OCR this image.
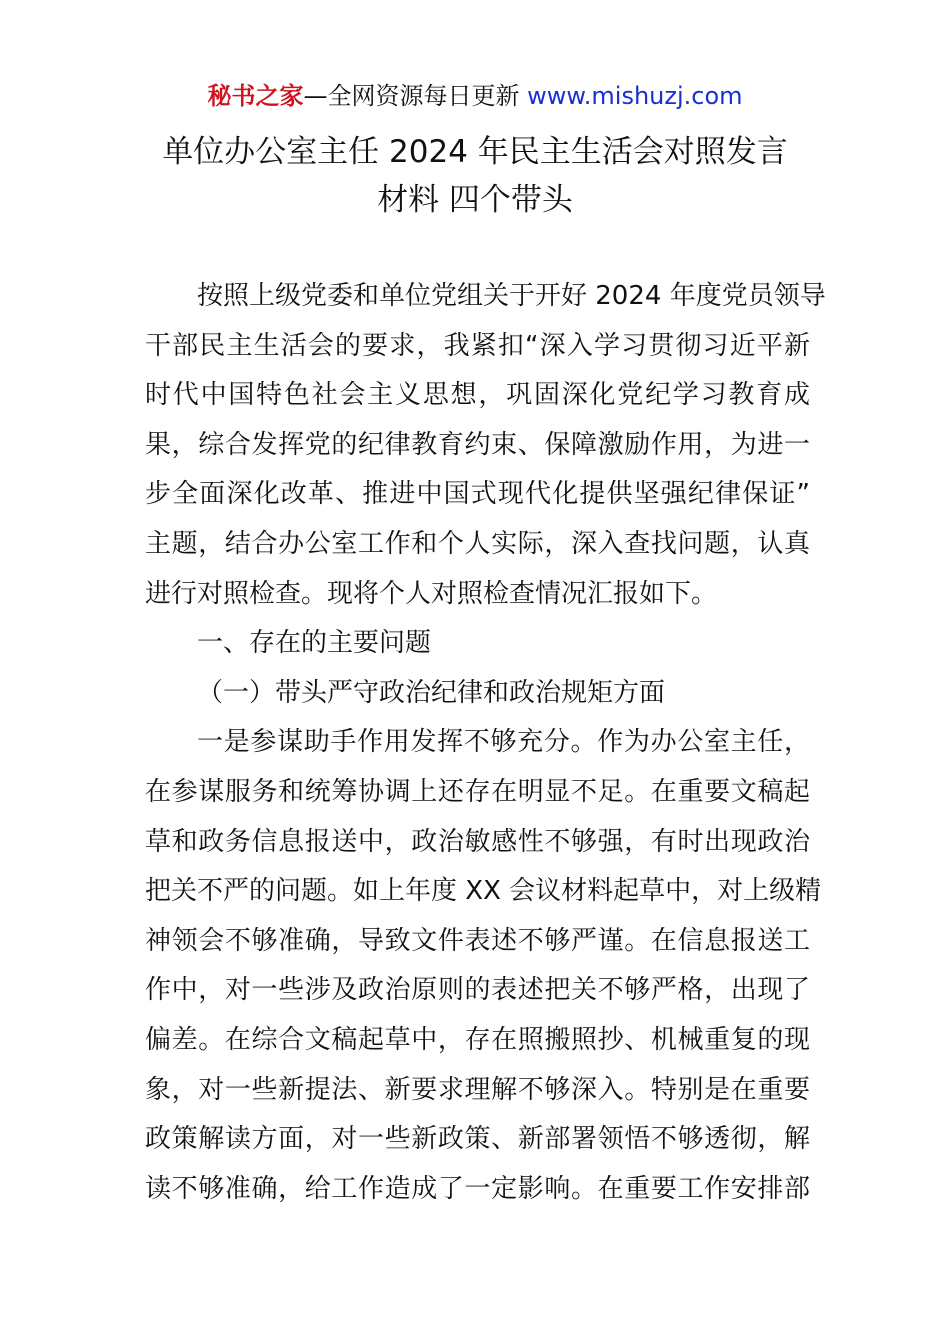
秘书之家—全网资源每日更新 www.mishuzj.com
单位办公室主任 2024 年民主生活会对照发言
材料 四个带头
按照上级党委和单位党组关于开好 2024 年度党员领导
干部民主生活会的要求，我紧扣“深入学习贯彻习近平新
时代中国特色社会主义思想，巩固深化党纪学习教育成
果，综合发挥党的纪律教育约束、保障激励作用，为进一
步全面深化改革、推进中国式现代化提供坚强纪律保证”
主题，结合办公室工作和个人实际，深入查找问题，认真
进行对照检查。现将个人对照检查情况汇报如下。
一、存在的主要问题
（一）带头严守政治纪律和政治规矩方面
一是参谋助手作用发挥不够充分。作为办公室主任，
在参谋服务和统筹协调上还存在明显不足。在重要文稿起
草和政务信息报送中，政治敏感性不够强，有时出现政治
把关不严的问题。如上年度 XX 会议材料起草中，对上级精
神领会不够准确，导致文件表述不够严谨。在信息报送工
作中，对一些涉及政治原则的表述把关不够严格，出现了
偏差。在综合文稿起草中，存在照搬照抄、机械重复的现
象，对一些新提法、新要求理解不够深入。特别是在重要
政策解读方面，对一些新政策、新部署领悟不够透彻，解
读不够准确，给工作造成了一定影响。在重要工作安排部
